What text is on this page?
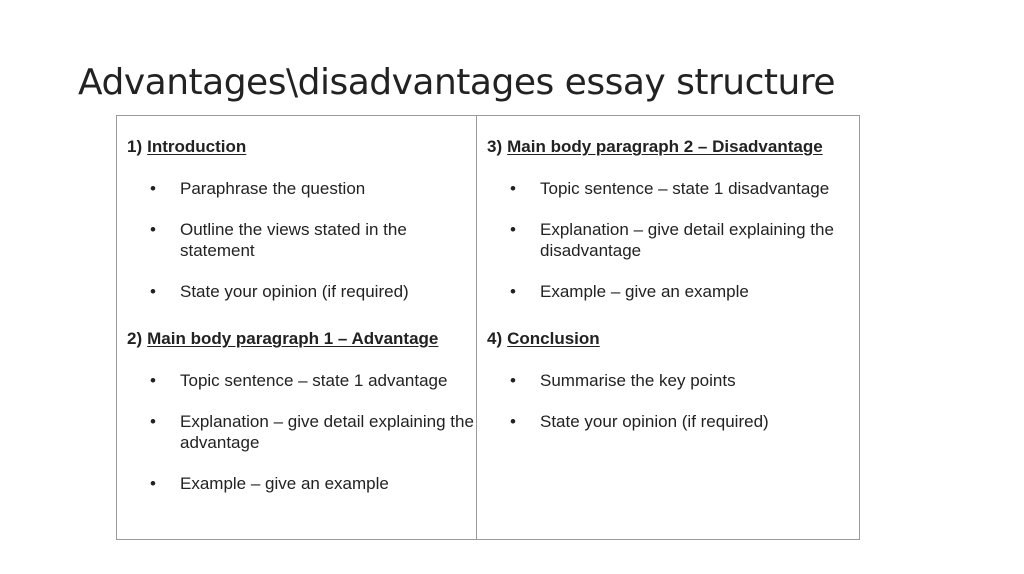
Advantages\disadvantages essay structure
1) Introduction
• Paraphrase the question
• Outline the views stated in the statement
• State your opinion (if required)
2) Main body paragraph 1 – Advantage
• Topic sentence – state 1 advantage
• Explanation – give detail explaining the advantage
• Example – give an example
3) Main body paragraph 2 – Disadvantage
• Topic sentence – state 1 disadvantage
• Explanation – give detail explaining the disadvantage
• Example – give an example
4) Conclusion
• Summarise the key points
• State your opinion (if required)
